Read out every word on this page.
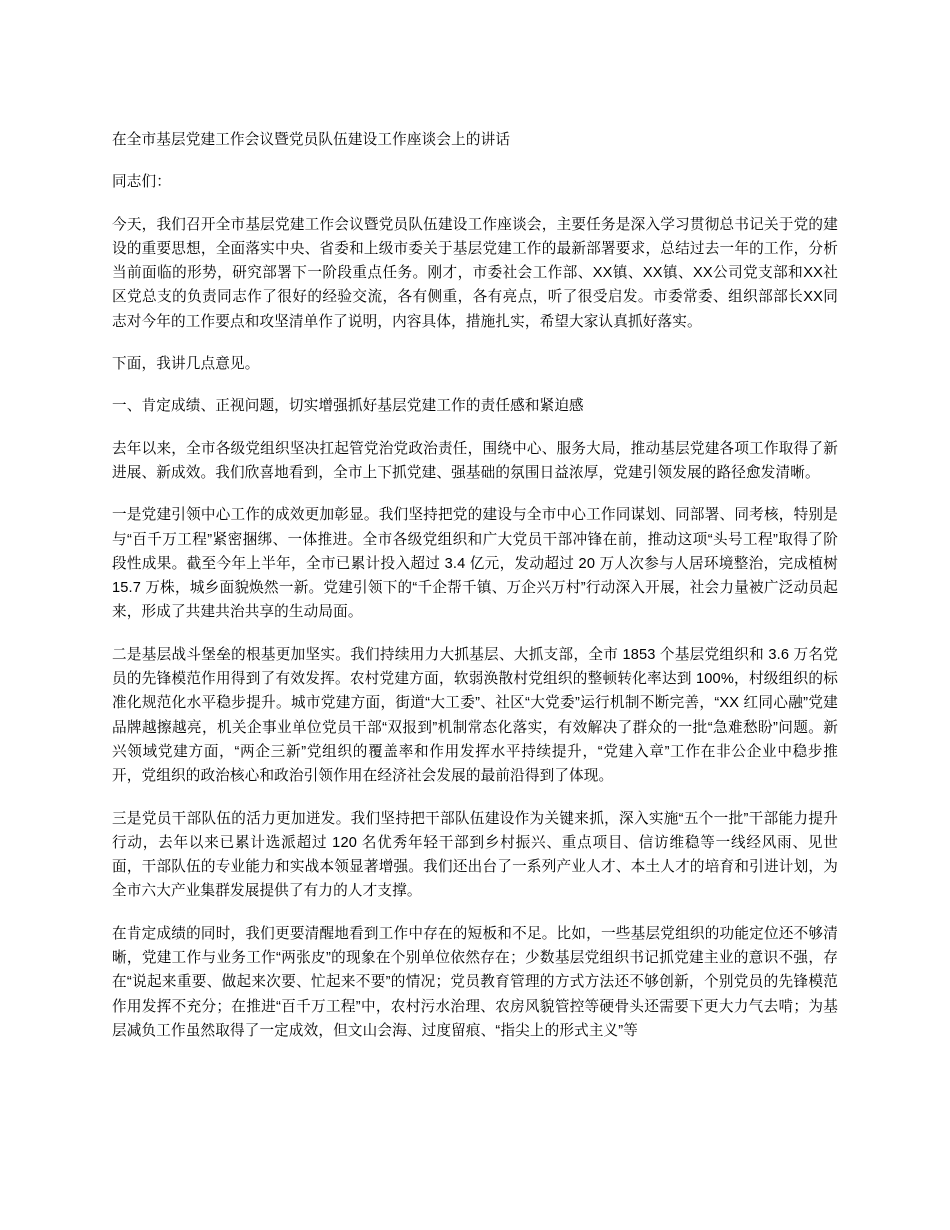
在全市基层党建工作会议暨党员队伍建设工作座谈会上的讲话
同志们：

今天，我们召开全市基层党建工作会议暨党员队伍建设工作座谈会，主要任务是深入学习贯彻总书记关于党的建设的重要思想，全面落实中央、省委和上级市委关于基层党建工作的最新部署要求，总结过去一年的工作，分析当前面临的形势，研究部署下一阶段重点任务。刚才，市委社会工作部、XX镇、XX镇、XX公司党支部和XX社区党总支的负责同志作了很好的经验交流，各有侧重，各有亮点，听了很受启发。市委常委、组织部部长XX同志对今年的工作要点和攻坚清单作了说明，内容具体，措施扎实，希望大家认真抓好落实。

下面，我讲几点意见。

一、肯定成绩、正视问题，切实增强抓好基层党建工作的责任感和紧迫感

去年以来，全市各级党组织坚决扛起管党治党政治责任，围绕中心、服务大局，推动基层党建各项工作取得了新进展、新成效。我们欣喜地看到，全市上下抓党建、强基础的氛围日益浓厚，党建引领发展的路径愈发清晰。

一是党建引领中心工作的成效更加彰显。我们坚持把党的建设与全市中心工作同谋划、同部署、同考核，特别是与“百千万工程”紧密捆绑、一体推进。全市各级党组织和广大党员干部冲锋在前，推动这项“头号工程”取得了阶段性成果。截至今年上半年，全市已累计投入超过 3.4 亿元，发动超过 20 万人次参与人居环境整治，完成植树 15.7 万株，城乡面貌焕然一新。党建引领下的“千企帮千镇、万企兴万村”行动深入开展，社会力量被广泛动员起来，形成了共建共治共享的生动局面。

二是基层战斗堡垒的根基更加坚实。我们持续用力大抓基层、大抓支部，全市 1853 个基层党组织和 3.6 万名党员的先锋模范作用得到了有效发挥。农村党建方面，软弱涣散村党组织的整顿转化率达到 100%，村级组织的标准化规范化水平稳步提升。城市党建方面，街道“大工委”、社区“大党委”运行机制不断完善，“XX 红同心融”党建品牌越擦越亮，机关企事业单位党员干部“双报到”机制常态化落实，有效解决了群众的一批“急难愁盼”问题。新兴领域党建方面，“两企三新”党组织的覆盖率和作用发挥水平持续提升，“党建入章”工作在非公企业中稳步推开，党组织的政治核心和政治引领作用在经济社会发展的最前沿得到了体现。

三是党员干部队伍的活力更加迸发。我们坚持把干部队伍建设作为关键来抓，深入实施“五个一批”干部能力提升行动，去年以来已累计选派超过 120 名优秀年轻干部到乡村振兴、重点项目、信访维稳等一线经风雨、见世面，干部队伍的专业能力和实战本领显著增强。我们还出台了一系列产业人才、本土人才的培育和引进计划，为全市六大产业集群发展提供了有力的人才支撑。

在肯定成绩的同时，我们更要清醒地看到工作中存在的短板和不足。比如，一些基层党组织的功能定位还不够清晰，党建工作与业务工作“两张皮”的现象在个别单位依然存在；少数基层党组织书记抓党建主业的意识不强，存在“说起来重要、做起来次要、忙起来不要”的情况；党员教育管理的方式方法还不够创新，个别党员的先锋模范作用发挥不充分；在推进“百千万工程”中，农村污水治理、农房风貌管控等硬骨头还需要下更大力气去啃；为基层减负工作虽然取得了一定成效，但文山会海、过度留痕、“指尖上的形式主义”等
